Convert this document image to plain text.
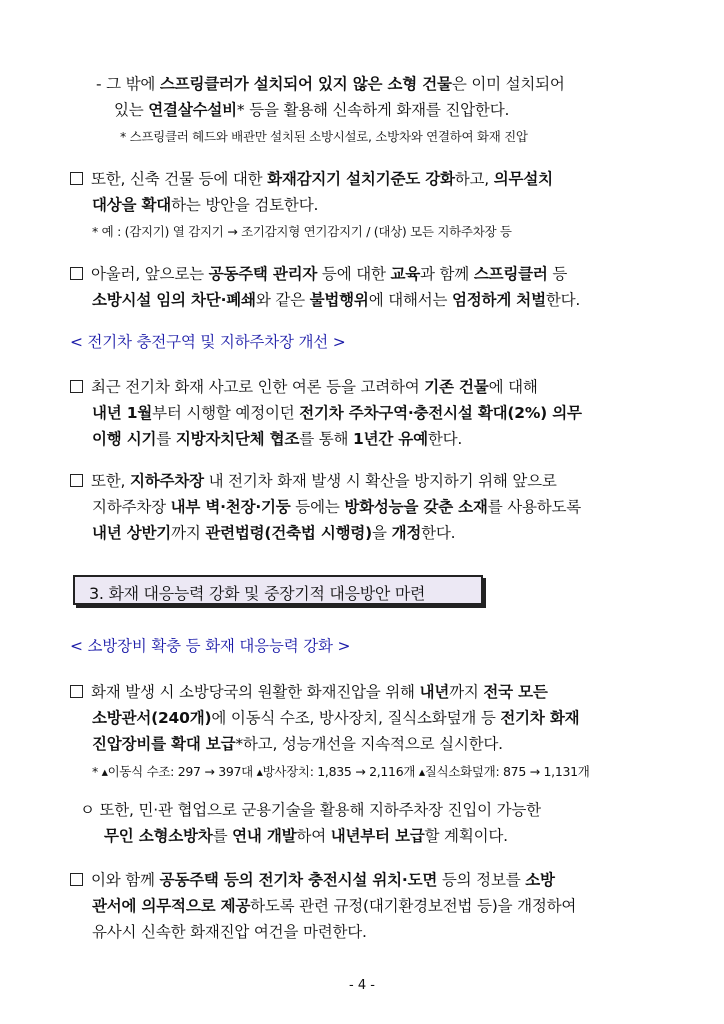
- 그 밖에 스프링클러가 설치되어 있지 않은 소형 건물은 이미 설치되어
있는 연결살수설비* 등을 활용해 신속하게 화재를 진압한다.
* 스프링클러 헤드와 배관만 설치된 소방시설로, 소방차와 연결하여 화재 진압
또한, 신축 건물 등에 대한 화재감지기 설치기준도 강화하고, 의무설치
대상을 확대하는 방안을 검토한다.
* 예 : (감지기) 열 감지기 → 조기감지형 연기감지기 / (대상) 모든 지하주차장 등
아울러, 앞으로는 공동주택 관리자 등에 대한 교육과 함께 스프링클러 등
소방시설 임의 차단·폐쇄와 같은 불법행위에 대해서는 엄정하게 처벌한다.
< 전기차 충전구역 및 지하주차장 개선 >
최근 전기차 화재 사고로 인한 여론 등을 고려하여 기존 건물에 대해
내년 1월부터 시행할 예정이던 전기차 주차구역·충전시설 확대(2%) 의무
이행 시기를 지방자치단체 협조를 통해 1년간 유예한다.
또한, 지하주차장 내 전기차 화재 발생 시 확산을 방지하기 위해 앞으로
지하주차장 내부 벽·천장·기둥 등에는 방화성능을 갖춘 소재를 사용하도록
내년 상반기까지 관련법령(건축법 시행령)을 개정한다.
3. 화재 대응능력 강화 및 중장기적 대응방안 마련
< 소방장비 확충 등 화재 대응능력 강화 >
화재 발생 시 소방당국의 원활한 화재진압을 위해 내년까지 전국 모든
소방관서(240개)에 이동식 수조, 방사장치, 질식소화덮개 등 전기차 화재
진압장비를 확대 보급*하고, 성능개선을 지속적으로 실시한다.
* ▴이동식 수조: 297 → 397대 ▴방사장치: 1,835 → 2,116개 ▴질식소화덮개: 875 → 1,131개
ㅇ 또한, 민·관 협업으로 군용기술을 활용해 지하주차장 진입이 가능한
무인 소형소방차를 연내 개발하여 내년부터 보급할 계획이다.
이와 함께 공동주택 등의 전기차 충전시설 위치·도면 등의 정보를 소방
관서에 의무적으로 제공하도록 관련 규정(대기환경보전법 등)을 개정하여
유사시 신속한 화재진압 여건을 마련한다.
- 4 -
